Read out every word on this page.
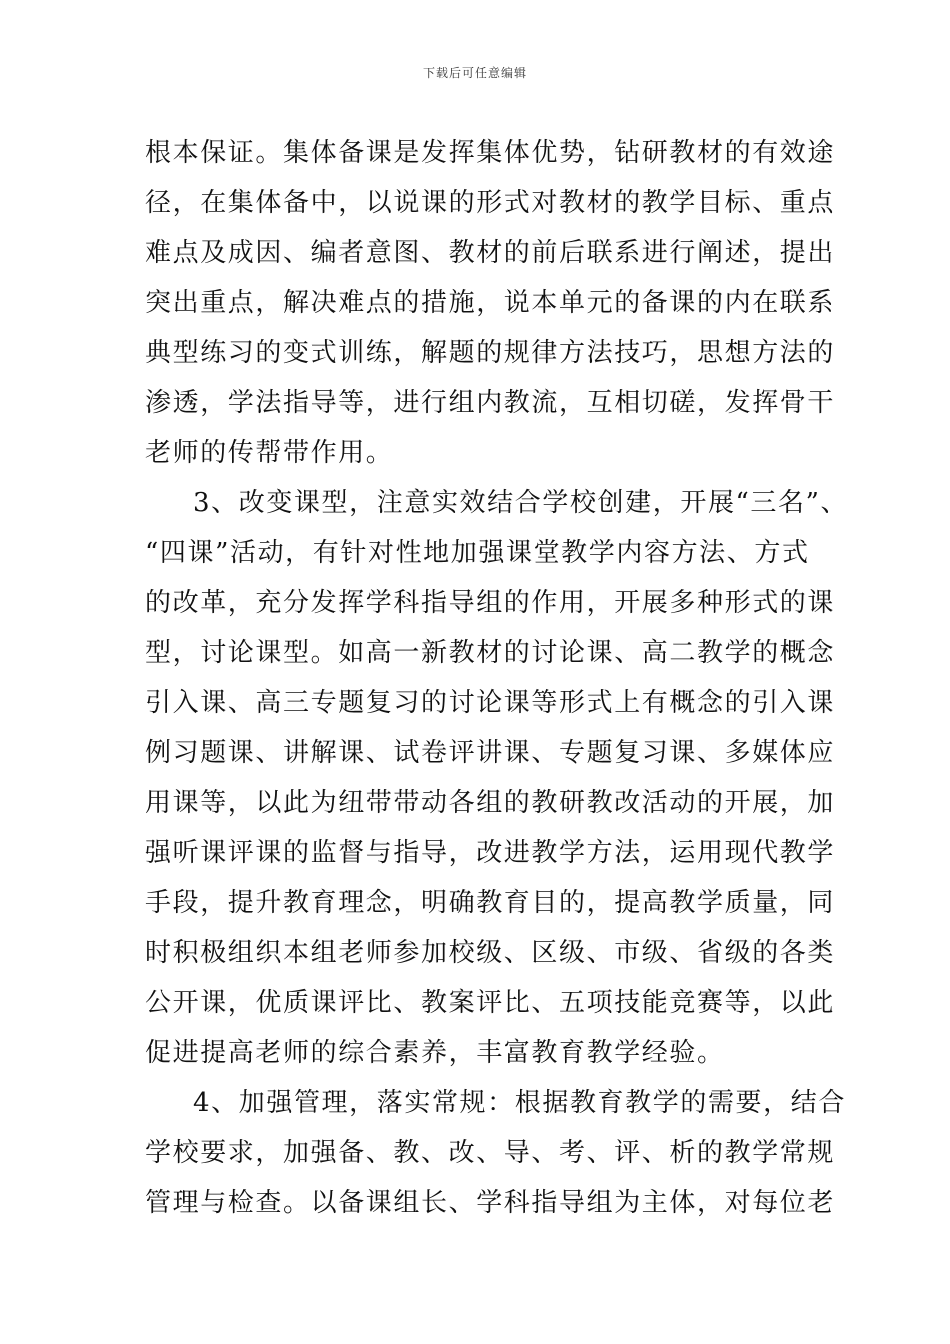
下载后可任意编辑
根本保证。集体备课是发挥集体优势，钻研教材的有效途
径，在集体备中，以说课的形式对教材的教学目标、重点
难点及成因、编者意图、教材的前后联系进行阐述，提出
突出重点，解决难点的措施，说本单元的备课的内在联系
典型练习的变式训练，解题的规律方法技巧，思想方法的
渗透，学法指导等，进行组内教流，互相切磋，发挥骨干
老师的传帮带作用。
3、改变课型，注意实效结合学校创建，开展“三名”、
“四课”活动，有针对性地加强课堂教学内容方法、方式
的改革，充分发挥学科指导组的作用，开展多种形式的课
型，讨论课型。如高一新教材的讨论课、高二教学的概念
引入课、高三专题复习的讨论课等形式上有概念的引入课
例习题课、讲解课、试卷评讲课、专题复习课、多媒体应
用课等，以此为纽带带动各组的教研教改活动的开展，加
强听课评课的监督与指导，改进教学方法，运用现代教学
手段，提升教育理念，明确教育目的，提高教学质量，同
时积极组织本组老师参加校级、区级、市级、省级的各类
公开课，优质课评比、教案评比、五项技能竞赛等，以此
促进提高老师的综合素养，丰富教育教学经验。
4、加强管理，落实常规：根据教育教学的需要，结合
学校要求，加强备、教、改、导、考、评、析的教学常规
管理与检查。以备课组长、学科指导组为主体，对每位老
